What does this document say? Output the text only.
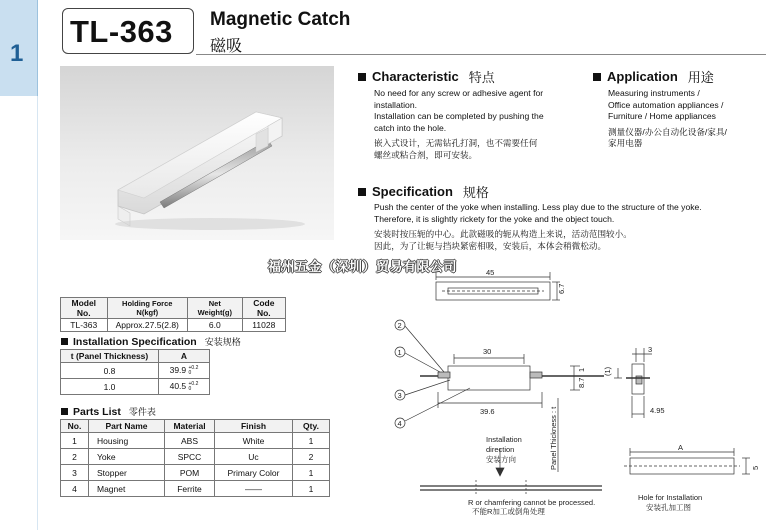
1
TL-363 Magnetic Catch
磁吸
Characteristic 特点
No need for any screw or adhesive agent for
installation.
Installation can be completed by pushing the
catch into the hole.
嵌入式设计，无需钻孔打洞，也不需要任何
螺丝或粘合剂，即可安装。
Application 用途
Measuring instruments /
Office automation appliances /
Furniture / Home appliances
测量仪器/办公自动化设备/家具/
家用电器
Specification 规格
Push the center of the yoke when installing. Less play due to the structure of the yoke.
Therefore, it is slightly rickety for the yoke and the object touch.
安装时按压轭的中心。此款磁吸的轭从构造上来说，活动范围较小。
因此，为了让轭与挡块紧密相吸，安装后，本体会稍微松动。
福州五金（深圳）贸易有限公司
Model No.	Holding Force N(kgf)	Net Weight(g)	Code No.
TL-363	Approx.27.5(2.8)	6.0	11028
Installation Specification 安装规格
t (Panel Thickness)	A
0.8	39.9 +0.2
0

1.0	40.5 +0.2
0
Parts List 零件表
No.	Part Name	Material	Finish	Qty.
1	Housing	ABS	White	1
2	Yoke	SPCC	Uc	2
3	Stopper	POM	Primary Color	1
4	Magnet	Ferrite	——	1
45
6.7
30
1
8.7
39.6
(1)
3
4.95
A
5
2
1
3
4	Panel Thickness : t
Installation
direction
安装方向
R or chamfering cannot be processed.
不能R加工或倒角处理
Hole for Installation
安装孔加工图
